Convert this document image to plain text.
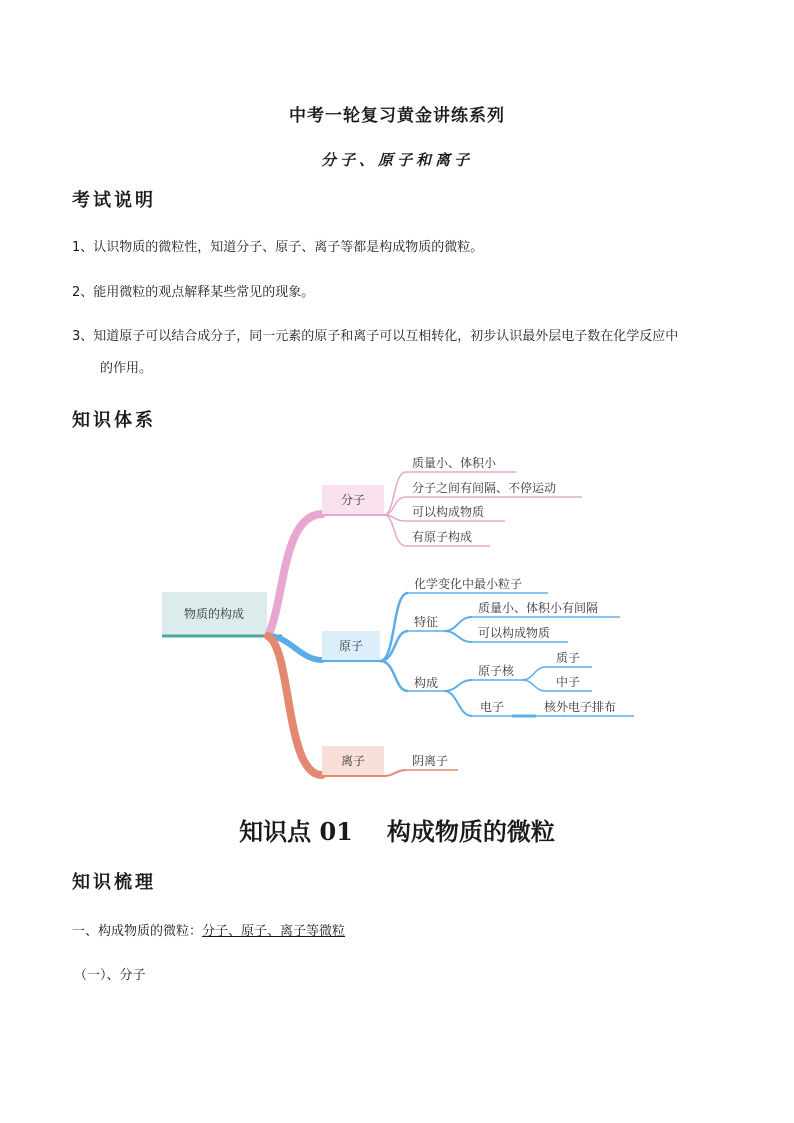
中考一轮复习黄金讲练系列
分子、原子和离子
考试说明
1、认识物质的微粒性，知道分子、原子、离子等都是构成物质的微粒。
2、能用微粒的观点解释某些常见的现象。
3、知道原子可以结合成分子，同一元素的原子和离子可以互相转化，初步认识最外层电子数在化学反应中
的作用。
知识体系
物质的构成
分子
质量小、体积小
分子之间有间隔、不停运动
可以构成物质
有原子构成
原子
化学变化中最小粒子
特征
质量小、体积小有间隔
可以构成物质
构成
原子核
质子
中子
电子	核外电子排布
离子	阴离子
知识点 01 构成物质的微粒
知识梳理
一、构成物质的微粒：分子、原子、离子等微粒
（一）、分子
